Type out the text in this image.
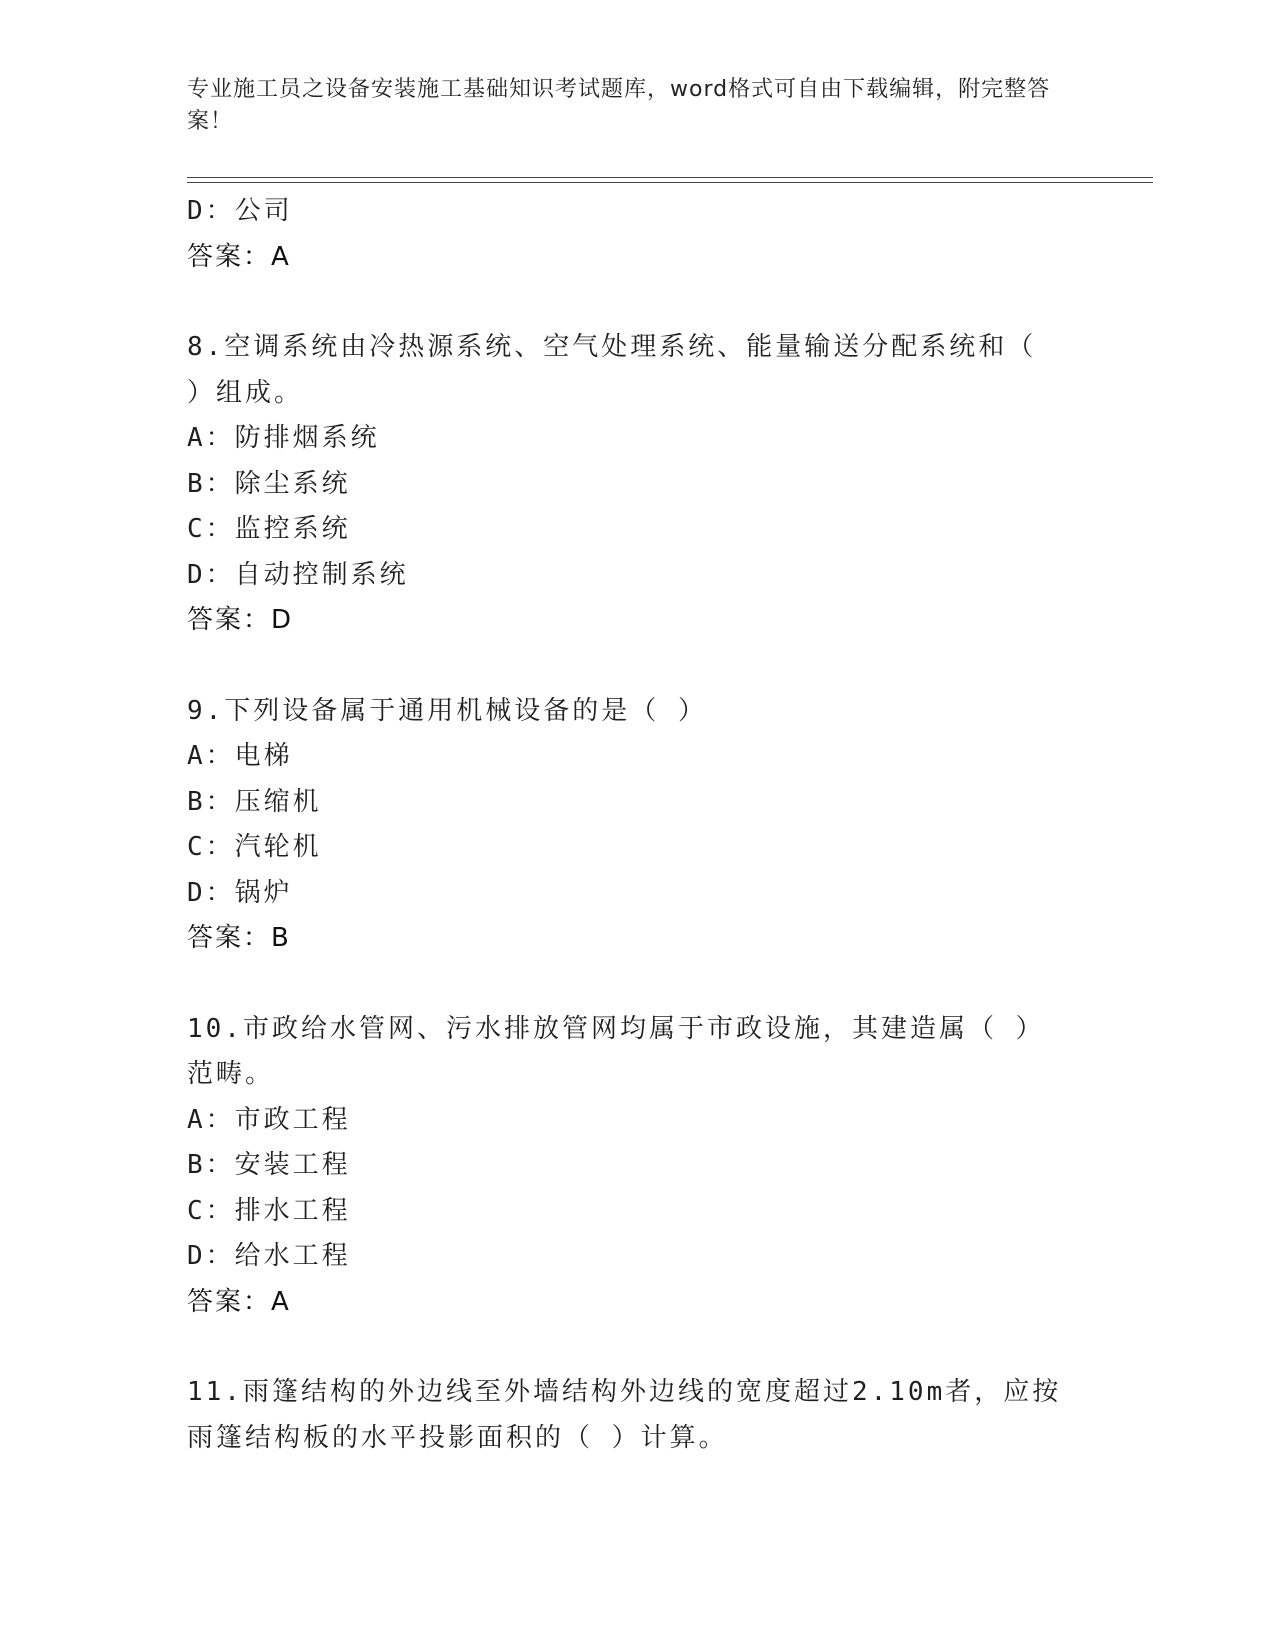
专业施工员之设备安装施工基础知识考试题库，word格式可自由下载编辑，附完整答案！
D：公司
答案：A
8.空调系统由冷热源系统、空气处理系统、能量输送分配系统和（ ）组成。
A：防排烟系统
B：除尘系统
C：监控系统
D：自动控制系统
答案：D
9.下列设备属于通用机械设备的是（ ）
A：电梯
B：压缩机
C：汽轮机
D：锅炉
答案：B
10.市政给水管网、污水排放管网均属于市政设施，其建造属（ ）范畴。
A：市政工程
B：安装工程
C：排水工程
D：给水工程
答案：A
11.雨篷结构的外边线至外墙结构外边线的宽度超过2.10m者，应按雨篷结构板的水平投影面积的（ ）计算。
